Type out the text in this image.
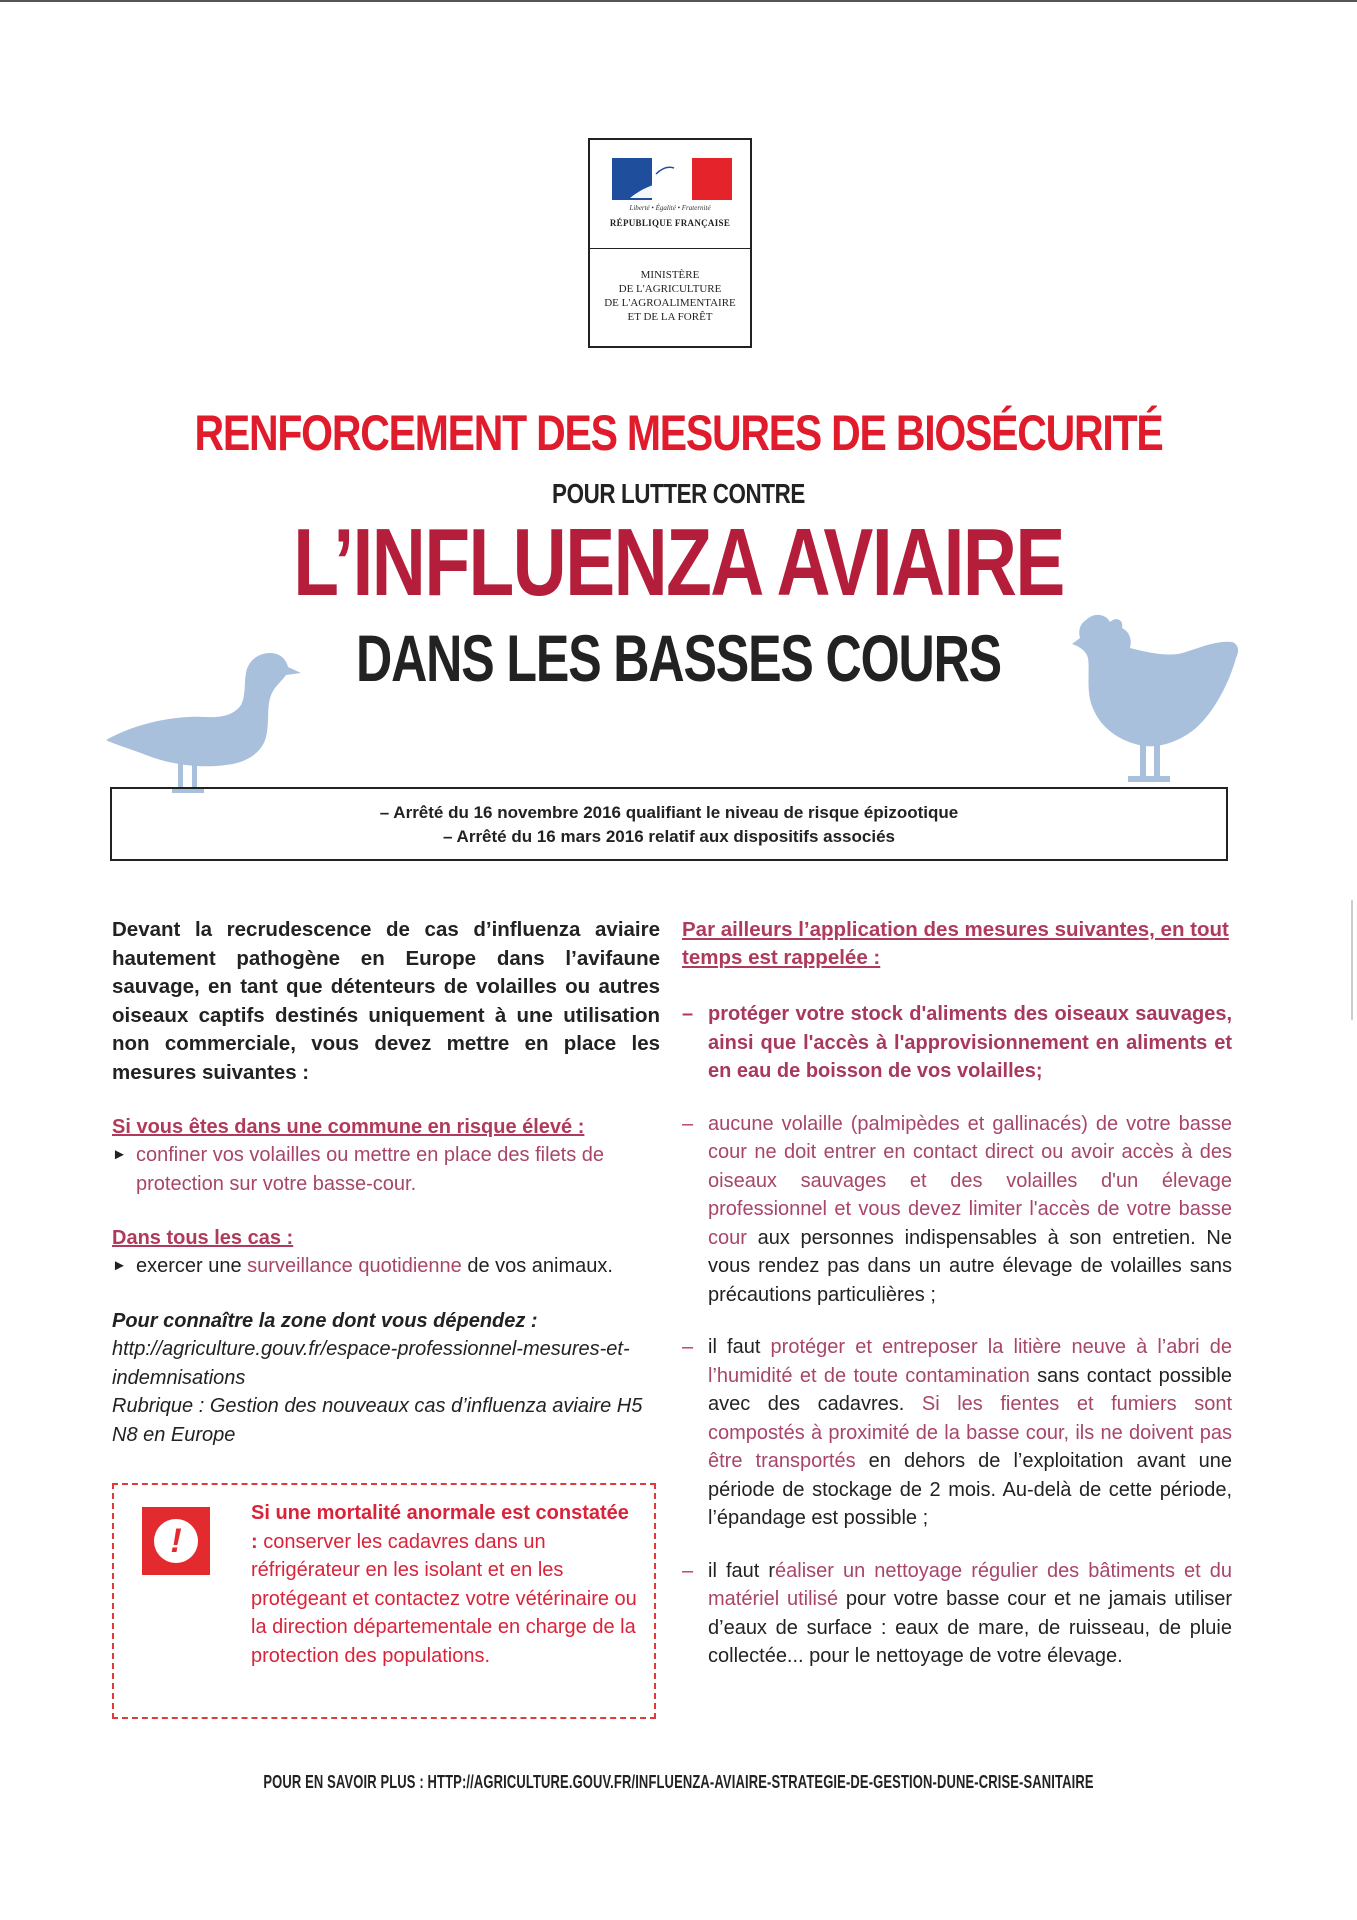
Liberté • Égalité • Fraternité
RÉPUBLIQUE FRANÇAISE
MINISTÈRE
DE L'AGRICULTURE
DE L'AGROALIMENTAIRE
ET DE LA FORÊT
RENFORCEMENT DES MESURES DE BIOSÉCURITÉ
POUR LUTTER CONTRE
L’INFLUENZA AVIAIRE
DANS LES BASSES COURS
– Arrêté du 16 novembre 2016 qualifiant le niveau de risque épizootique
– Arrêté du 16 mars 2016 relatif aux dispositifs associés

Devant la recrudescence de cas d’influenza aviaire hautement pathogène en Europe dans l’avifaune sauvage, en tant que détenteurs de volailles ou autres oiseaux captifs destinés uniquement à une utilisation non commerciale, vous devez mettre en place les mesures suivantes :

Si vous êtes dans une commune en risque élevé :

► confiner vos volailles ou mettre en place des filets de protection sur votre basse-cour.

Dans tous les cas :

► exercer une surveillance quotidienne de vos animaux.

Pour connaître la zone dont vous dépendez :

http://agriculture.gouv.fr/espace-professionnel-mesures-et-indemnisations

Rubrique : Gestion des nouveaux cas d’influenza aviaire H5 N8 en Europe

!
Si une mortalité anormale est constatée : conserver les cadavres dans un réfrigérateur en les isolant et en les protégeant et contactez votre vétérinaire ou la direction départementale en charge de la protection des populations.

Par ailleurs l’application des mesures suivantes, en tout temps est rappelée :

– protéger votre stock d'aliments des oiseaux sauvages, ainsi que l'accès à l'approvisionnement en aliments et en eau de boisson de vos volailles;

– aucune volaille (palmipèdes et gallinacés) de votre basse cour ne doit entrer en contact direct ou avoir accès à des oiseaux sauvages et des volailles d'un élevage professionnel et vous devez limiter l'accès de votre basse cour aux personnes indispensables à son entretien. Ne vous rendez pas dans un autre élevage de volailles sans précautions particulières ;

– il faut protéger et entreposer la litière neuve à l’abri de l’humidité et de toute contamination sans contact possible avec des cadavres. Si les fientes et fumiers sont compostés à proximité de la basse cour, ils ne doivent pas être transportés en dehors de l’exploitation avant une période de stockage de 2 mois. Au-delà de cette période, l’épandage est possible ;

– il faut réaliser un nettoyage régulier des bâtiments et du matériel utilisé pour votre basse cour et ne jamais utiliser d’eaux de surface : eaux de mare, de ruisseau, de pluie collectée... pour le nettoyage de votre élevage.

POUR EN SAVOIR PLUS : HTTP://AGRICULTURE.GOUV.FR/INFLUENZA-AVIAIRE-STRATEGIE-DE-GESTION-DUNE-CRISE-SANITAIRE
